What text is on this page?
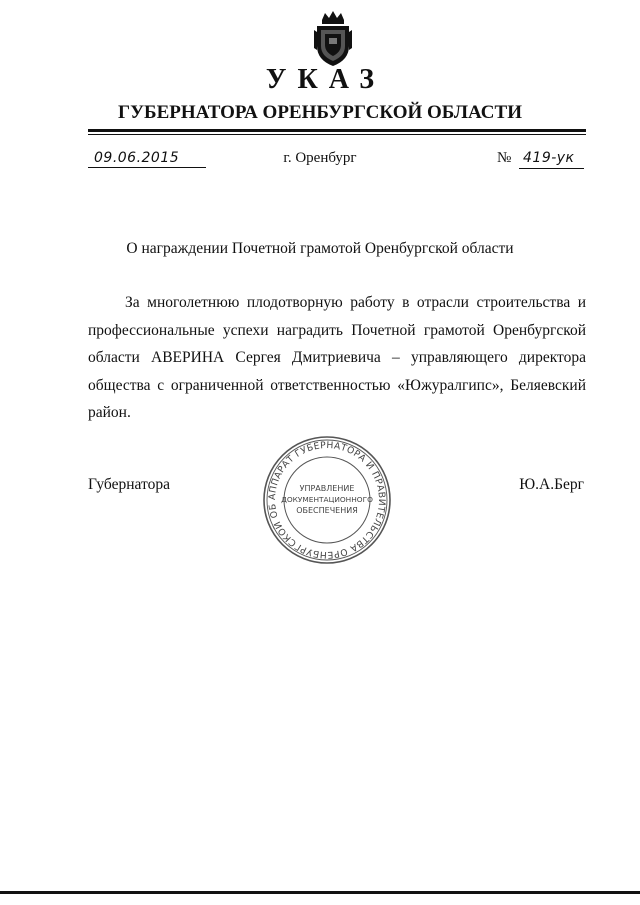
УКАЗ
ГУБЕРНАТОРА ОРЕНБУРГСКОЙ ОБЛАСТИ
09.06.2015	г. Оренбург	№ 419-ук
О награждении Почетной грамотой Оренбургской области
За многолетнюю плодотворную работу в отрасли строительства и
профессиональные успехи наградить Почетной грамотой Оренбургской
области АВЕРИНА Сергея Дмитриевича – управляющего директора
общества с ограниченной ответственностью «Южуралгипс», Беляевский
район.
Губернатора	Ю.А.Берг
АППАРАТ ГУБЕРНАТОРА И ПРАВИТЕЛЬСТВА ОРЕНБУРГСКОЙ ОБ
УПРАВЛЕНИЕ
ДОКУМЕНТАЦИОННОГО
ОБЕСПЕЧЕНИЯ
